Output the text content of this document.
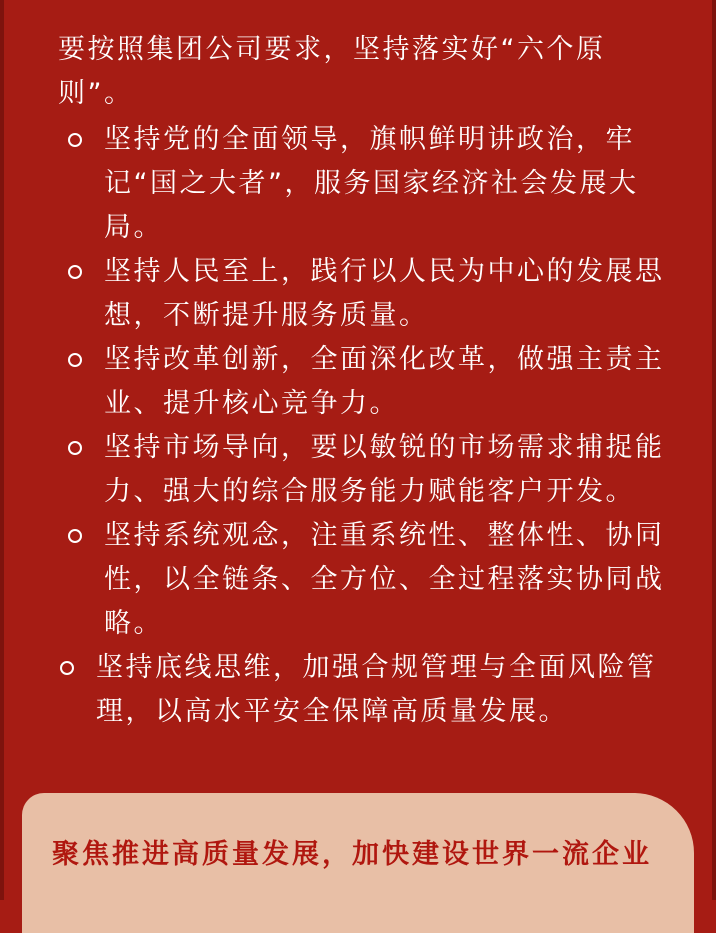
要按照集团公司要求，坚持落实好“六个原则”。

坚持党的全面领导，旗帜鲜明讲政治，牢记“国之大者”，服务国家经济社会发展大局。
坚持人民至上，践行以人民为中心的发展思想，不断提升服务质量。
坚持改革创新，全面深化改革，做强主责主业、提升核心竞争力。
坚持市场导向，要以敏锐的市场需求捕捉能力、强大的综合服务能力赋能客户开发。
坚持系统观念，注重系统性、整体性、协同性，以全链条、全方位、全过程落实协同战略。
坚持底线思维，加强合规管理与全面风险管理，以高水平安全保障高质量发展。

聚焦推进高质量发展，加快建设世界一流企业
